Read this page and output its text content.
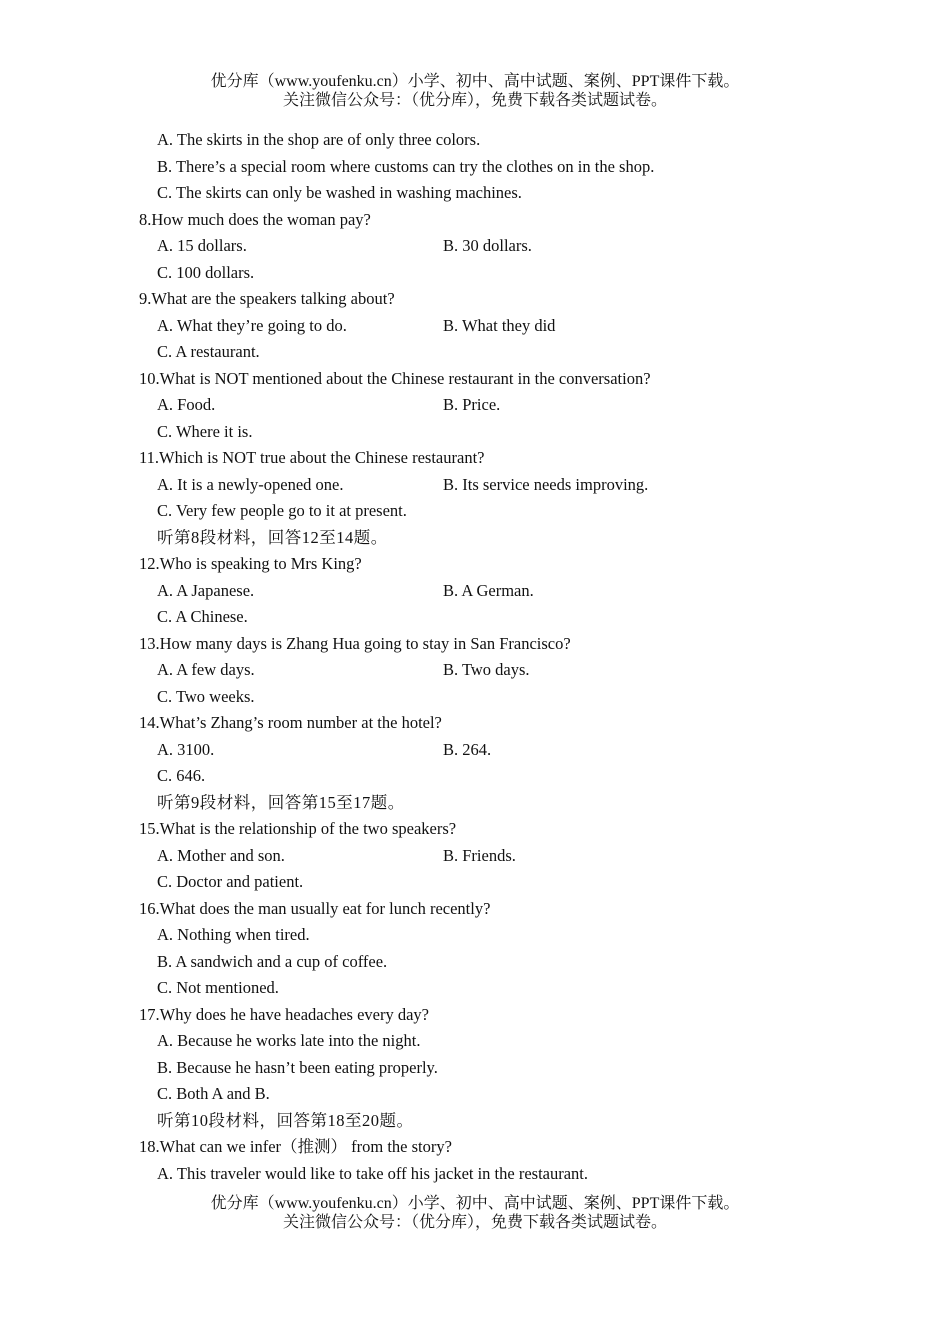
优分库（www.youfenku.cn）小学、初中、高中试题、案例、PPT课件下载。
关注微信公众号：（优分库），免费下载各类试题试卷。
A. The skirts in the shop are of only three colors.
B. There’s a special room where customs can try the clothes on in the shop.
C. The skirts can only be washed in washing machines.
8.How much does the woman pay?
A. 15 dollars.	B. 30 dollars.
C. 100 dollars.
9.What are the speakers talking about?
A. What they’re going to do.	B. What they did
C. A restaurant.
10.What is NOT mentioned about the Chinese restaurant in the conversation?
A. Food.	B. Price.
C. Where it is.
11.Which is NOT true about the Chinese restaurant?
A. It is a newly-opened one.	B. Its service needs improving.
C. Very few people go to it at present.
听第8段材料，回答12至14题。
12.Who is speaking to Mrs King?
A. A Japanese.	B. A German.
C. A Chinese.
13.How many days is Zhang Hua going to stay in San Francisco?
A. A few days.	B. Two days.
C. Two weeks.
14.What’s Zhang’s room number at the hotel?
A. 3100.	B. 264.
C. 646.
听第9段材料，回答第15至17题。
15.What is the relationship of the two speakers?
A. Mother and son.	B. Friends.
C. Doctor and patient.
16.What does the man usually eat for lunch recently?
A. Nothing when tired.
B. A sandwich and a cup of coffee.
C. Not mentioned.
17.Why does he have headaches every day?
A. Because he works late into the night.
B. Because he hasn’t been eating properly.
C. Both A and B.
听第10段材料，回答第18至20题。
18.What can we infer（推测） from the story?
A. This traveler would like to take off his jacket in the restaurant.
优分库（www.youfenku.cn）小学、初中、高中试题、案例、PPT课件下载。
关注微信公众号：（优分库），免费下载各类试题试卷。
